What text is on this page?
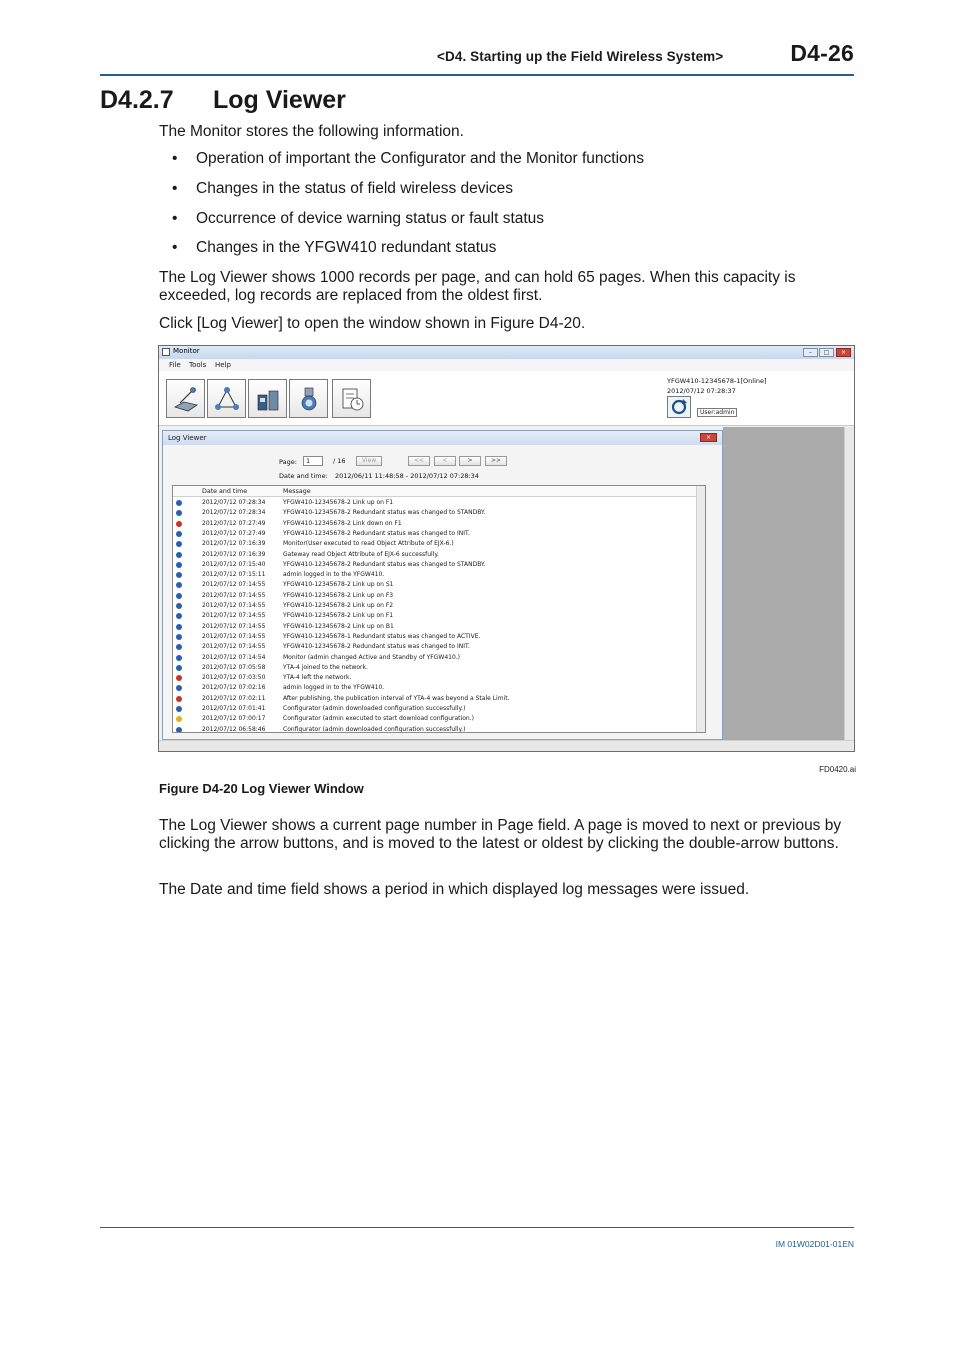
<D4. Starting up the Field Wireless System>	D4-26
D4.2.7 Log Viewer
The Monitor stores the following information.
• Operation of important the Configurator and the Monitor functions
• Changes in the status of field wireless devices
• Occurrence of device warning status or fault status
• Changes in the YFGW410 redundant status
The Log Viewer shows 1000 records per page, and can hold 65 pages. When this capacity is exceeded, log records are replaced from the oldest first.
Click [Log Viewer] to open the window shown in Figure D4-20.
Monitor	–	□	×
File Tools Help
YFGW410-12345678-1[Online]
2012/07/12 07:28:37
User:admin
Log Viewer	×
Page:	1	/ 16	View	<<	<	>	>>
Date and time: 2012/06/11 11:48:58 - 2012/07/12 07:28:34
Date and time	Message
2012/07/12 07:28:34	YFGW410-12345678-2 Link up on F1
2012/07/12 07:28:34	YFGW410-12345678-2 Redundant status was changed to STANDBY.
2012/07/12 07:27:49	YFGW410-12345678-2 Link down on F1
2012/07/12 07:27:49	YFGW410-12345678-2 Redundant status was changed to INIT.
2012/07/12 07:16:39	Monitor(User executed to read Object Attribute of EJX-6.)
2012/07/12 07:16:39	Gateway read Object Attribute of EJX-6 successfully.
2012/07/12 07:15:40	YFGW410-12345678-2 Redundant status was changed to STANDBY.
2012/07/12 07:15:11	admin logged in to the YFGW410.
2012/07/12 07:14:55	YFGW410-12345678-2 Link up on S1
2012/07/12 07:14:55	YFGW410-12345678-2 Link up on F3
2012/07/12 07:14:55	YFGW410-12345678-2 Link up on F2
2012/07/12 07:14:55	YFGW410-12345678-2 Link up on F1
2012/07/12 07:14:55	YFGW410-12345678-2 Link up on B1
2012/07/12 07:14:55	YFGW410-12345678-1 Redundant status was changed to ACTIVE.
2012/07/12 07:14:55	YFGW410-12345678-2 Redundant status was changed to INIT.
2012/07/12 07:14:54	Monitor (admin changed Active and Standby of YFGW410.)
2012/07/12 07:05:58	YTA-4 joined to the network.
2012/07/12 07:03:50	YTA-4 left the network.
2012/07/12 07:02:16	admin logged in to the YFGW410.
2012/07/12 07:02:11	After publishing, the publication interval of YTA-4 was beyond a Stale Limit.
2012/07/12 07:01:41	Configurator (admin downloaded configuration successfully.)
2012/07/12 07:00:17	Configurator (admin executed to start download configuration.)
2012/07/12 06:58:46	Configurator (admin downloaded configuration successfully.)
FD0420.ai
Figure D4-20 Log Viewer Window
The Log Viewer shows a current page number in Page field. A page is moved to next or previous by clicking the arrow buttons, and is moved to the latest or oldest by clicking the double-arrow buttons.
The Date and time field shows a period in which displayed log messages were issued.
IM 01W02D01-01EN
